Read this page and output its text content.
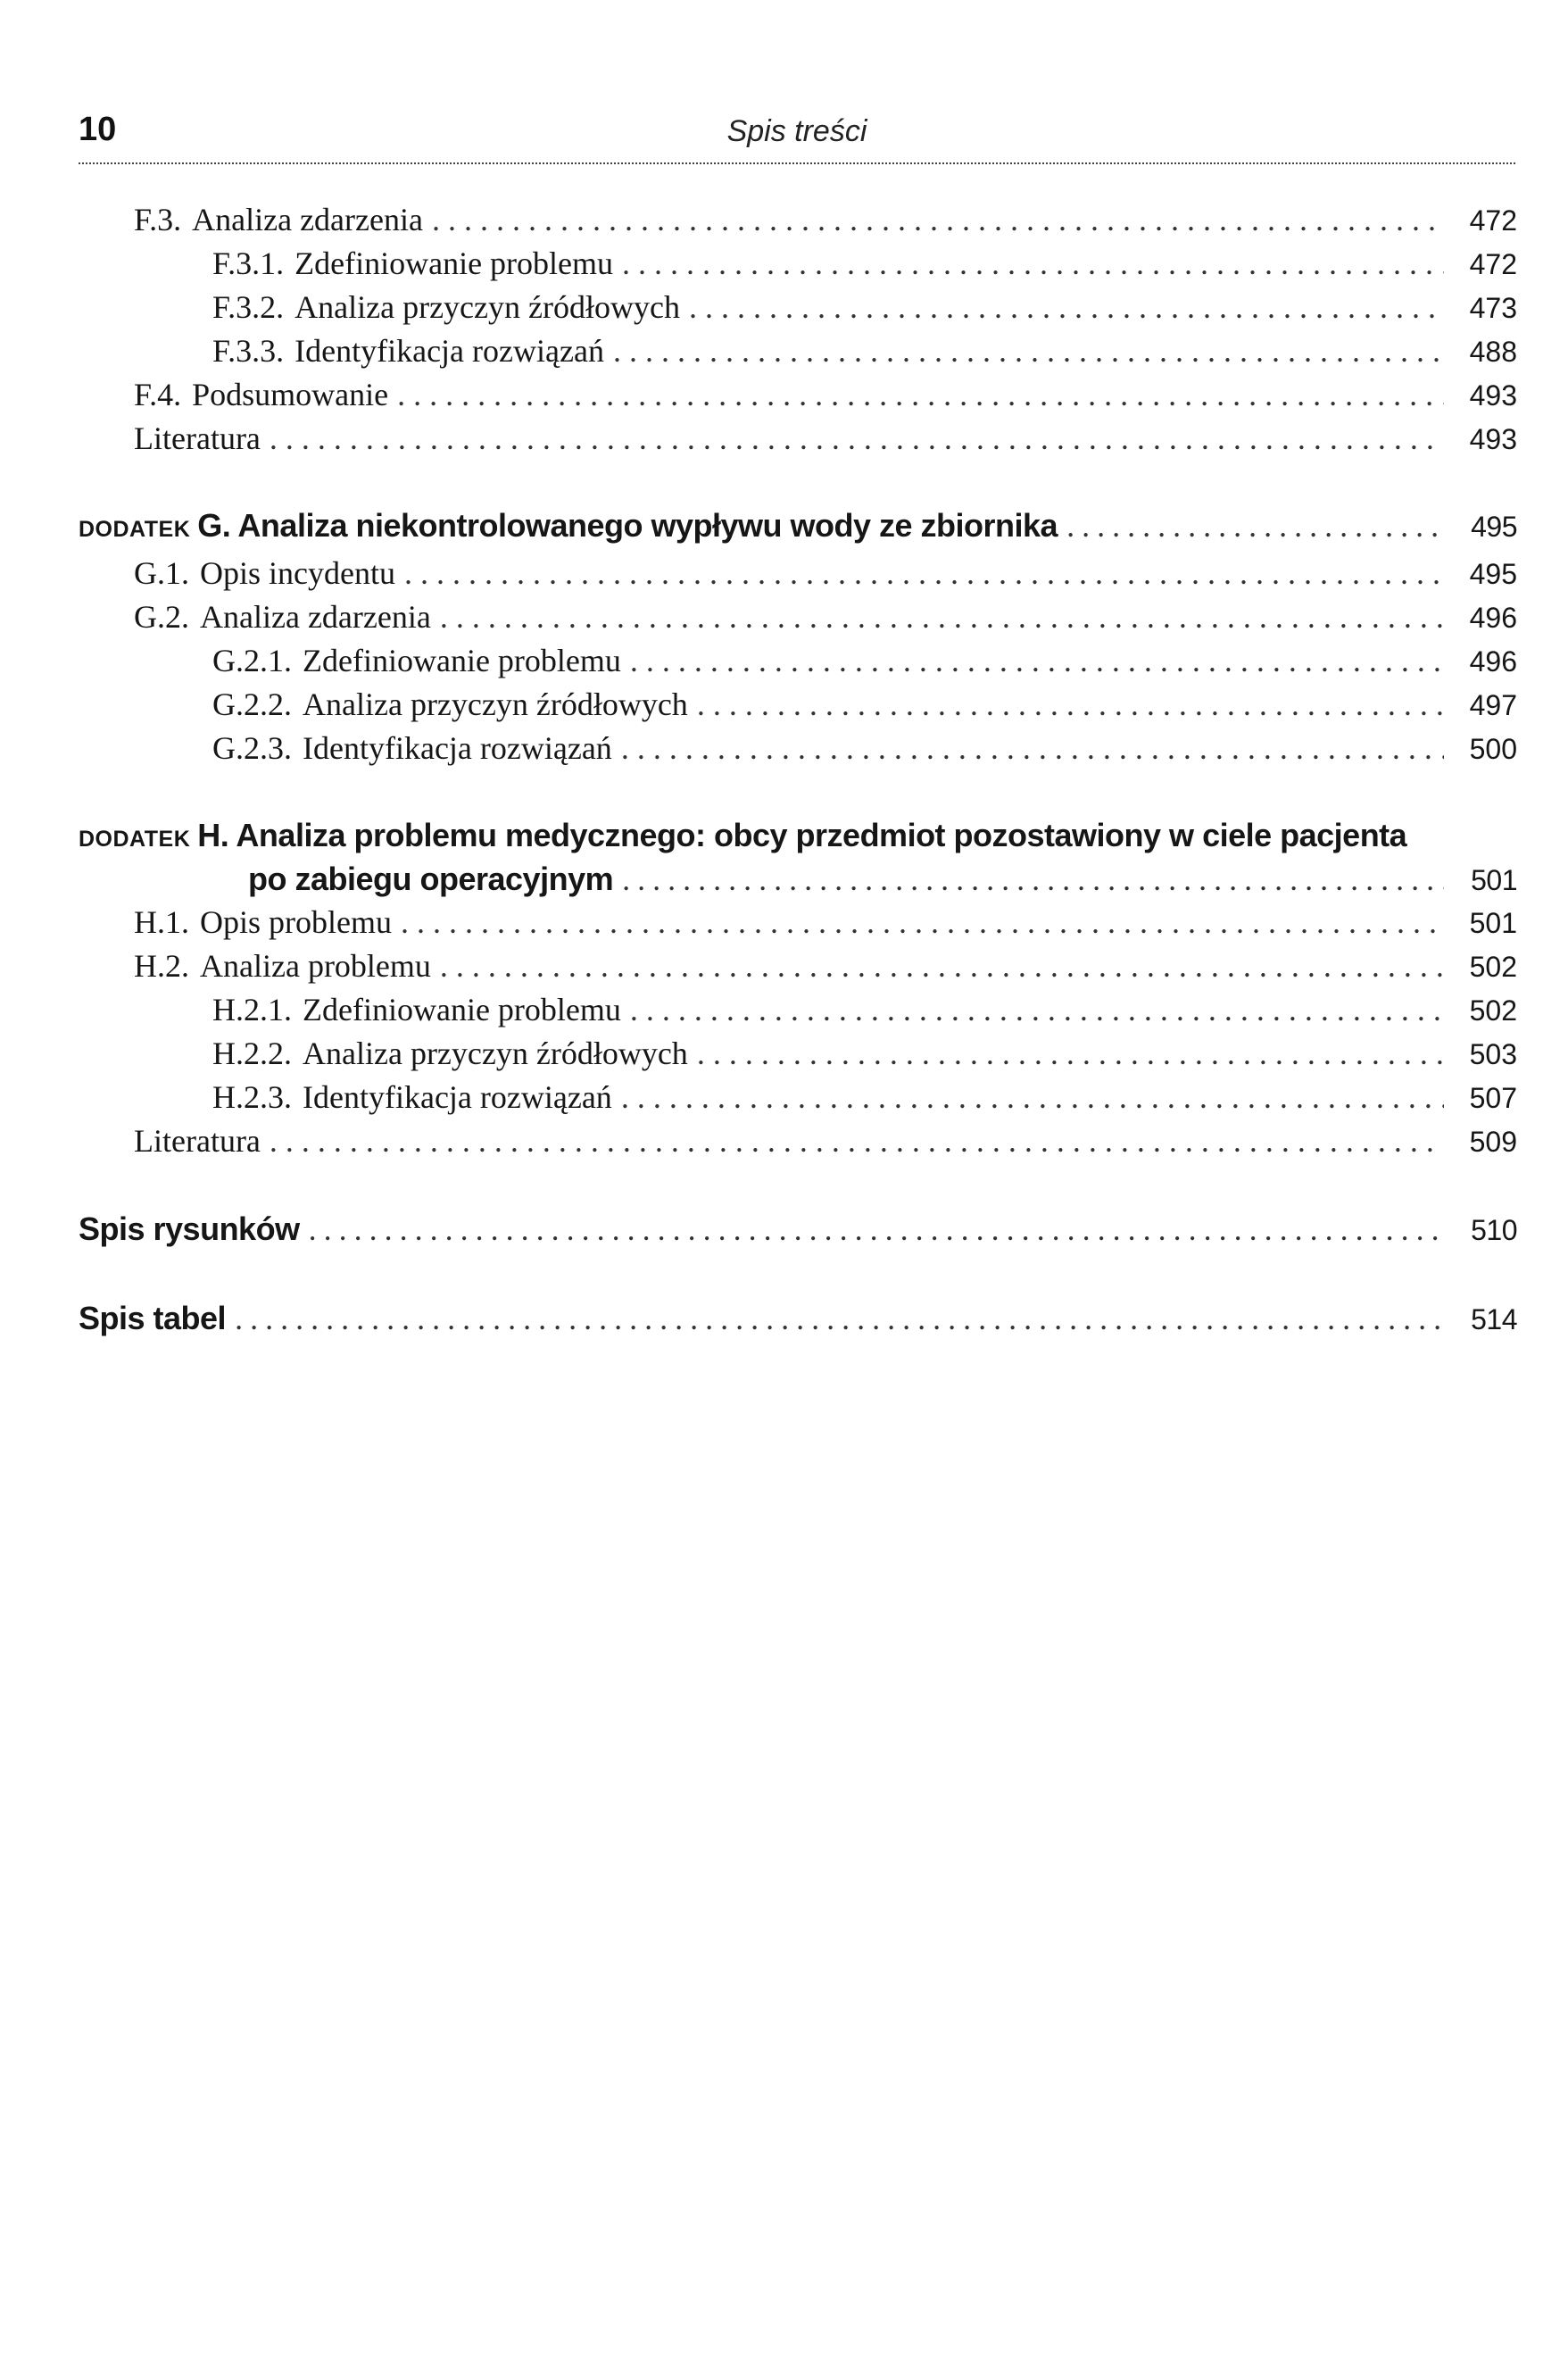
10	Spis treści
F.3. Analiza zdarzenia . . .	472
F.3.1. Zdefiniowanie problemu . . .	472
F.3.2. Analiza przyczyn źródłowych . . .	473
F.3.3. Identyfikacja rozwiązań . . .	488
F.4. Podsumowanie . . .	493
Literatura . . .	493
DODATEK G. Analiza niekontrolowanego wypływu wody ze zbiornika . . .	495
G.1. Opis incydentu . . .	495
G.2. Analiza zdarzenia . . .	496
G.2.1. Zdefiniowanie problemu . . .	496
G.2.2. Analiza przyczyn źródłowych . . .	497
G.2.3. Identyfikacja rozwiązań . . .	500
DODATEK H. Analiza problemu medycznego: obcy przedmiot pozostawiony w ciele pacjenta
po zabiegu operacyjnym . . .	501
H.1. Opis problemu . . .	501
H.2. Analiza problemu . . .	502
H.2.1. Zdefiniowanie problemu . . .	502
H.2.2. Analiza przyczyn źródłowych . . .	503
H.2.3. Identyfikacja rozwiązań . . .	507
Literatura . . .	509
Spis rysunków . . .	510
Spis tabel . . .	514
